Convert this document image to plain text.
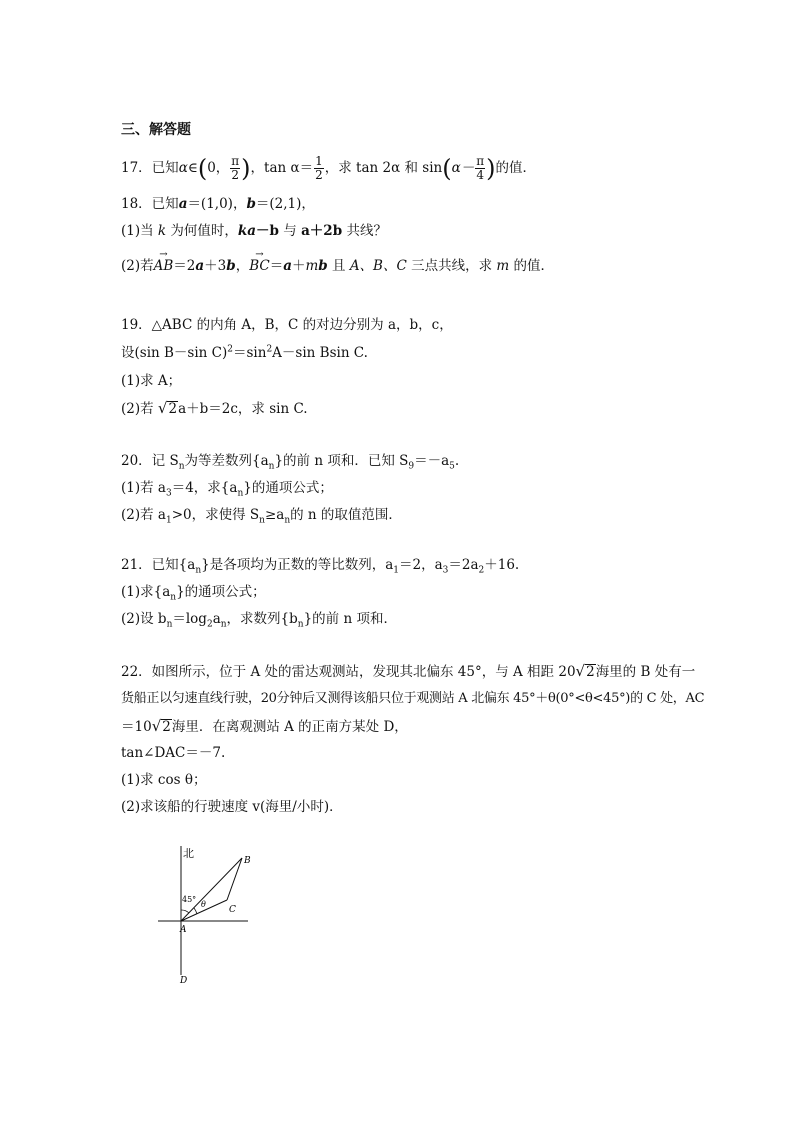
三、解答题
17．已知α∈(0， $\frac{\pi}{2}$ )，$\tan \alpha= \frac{1}{2}$ ，求 tan 2α 和 $\sin(\alpha- \frac{\pi}{4}$ )的值．
18．已知a＝(1,0)，b＝(2,1)，
(1)当 k 为何值时，ka－b 与 a＋2b 共线？
(2)若→ AB＝2a＋3b，→ BC＝a＋mb 且 A、B、C 三点共线，求 m 的值．
19．△ABC 的内角 A，B，C 的对边分别为 a，b，c，
设(sin B－sin $C)^2=\sin^2A-\sin$ Bsin C.
(1)求 A；
(2)若 √2a＋b＝2c，求 sin C.
20．记 $S_n$为等差数列$\{a_n\}$的前 n 项和．已知 $S_9=-a_5$.
(1)若 $a_3=4$，求$\{a_n\}$的通项公式；
(2)若 $a_1>0$，求使得 $S_n\ge a_n$的 n 的取值范围．
21．已知$\{a_n\}$是各项均为正数的等比数列，$a_1=2$，$a_3=2a_2+16$.
(1)求$\{a_n\}$的通项公式；
(2)设 $b_n=\log_2a_n$，求数列$\{b_n\}$的前 n 项和．
22．如图所示，位于 A 处的雷达观测站，发现其北偏东 45°，与 A 相距 20√2海里的 B 处有一
货船正以匀速直线行驶，20分钟后又测得该船只位于观测站 A 北偏东 45°＋θ(0°<θ<45°)的 C 处，AC
＝10√2海里．在离观测站 A 的正南方某处 D，
tan∠DAC＝－7.
(1)求 cos θ；
(2)求该船的行驶速度 v(海里/小时)．
北
45°
θ
A
B
C
D
